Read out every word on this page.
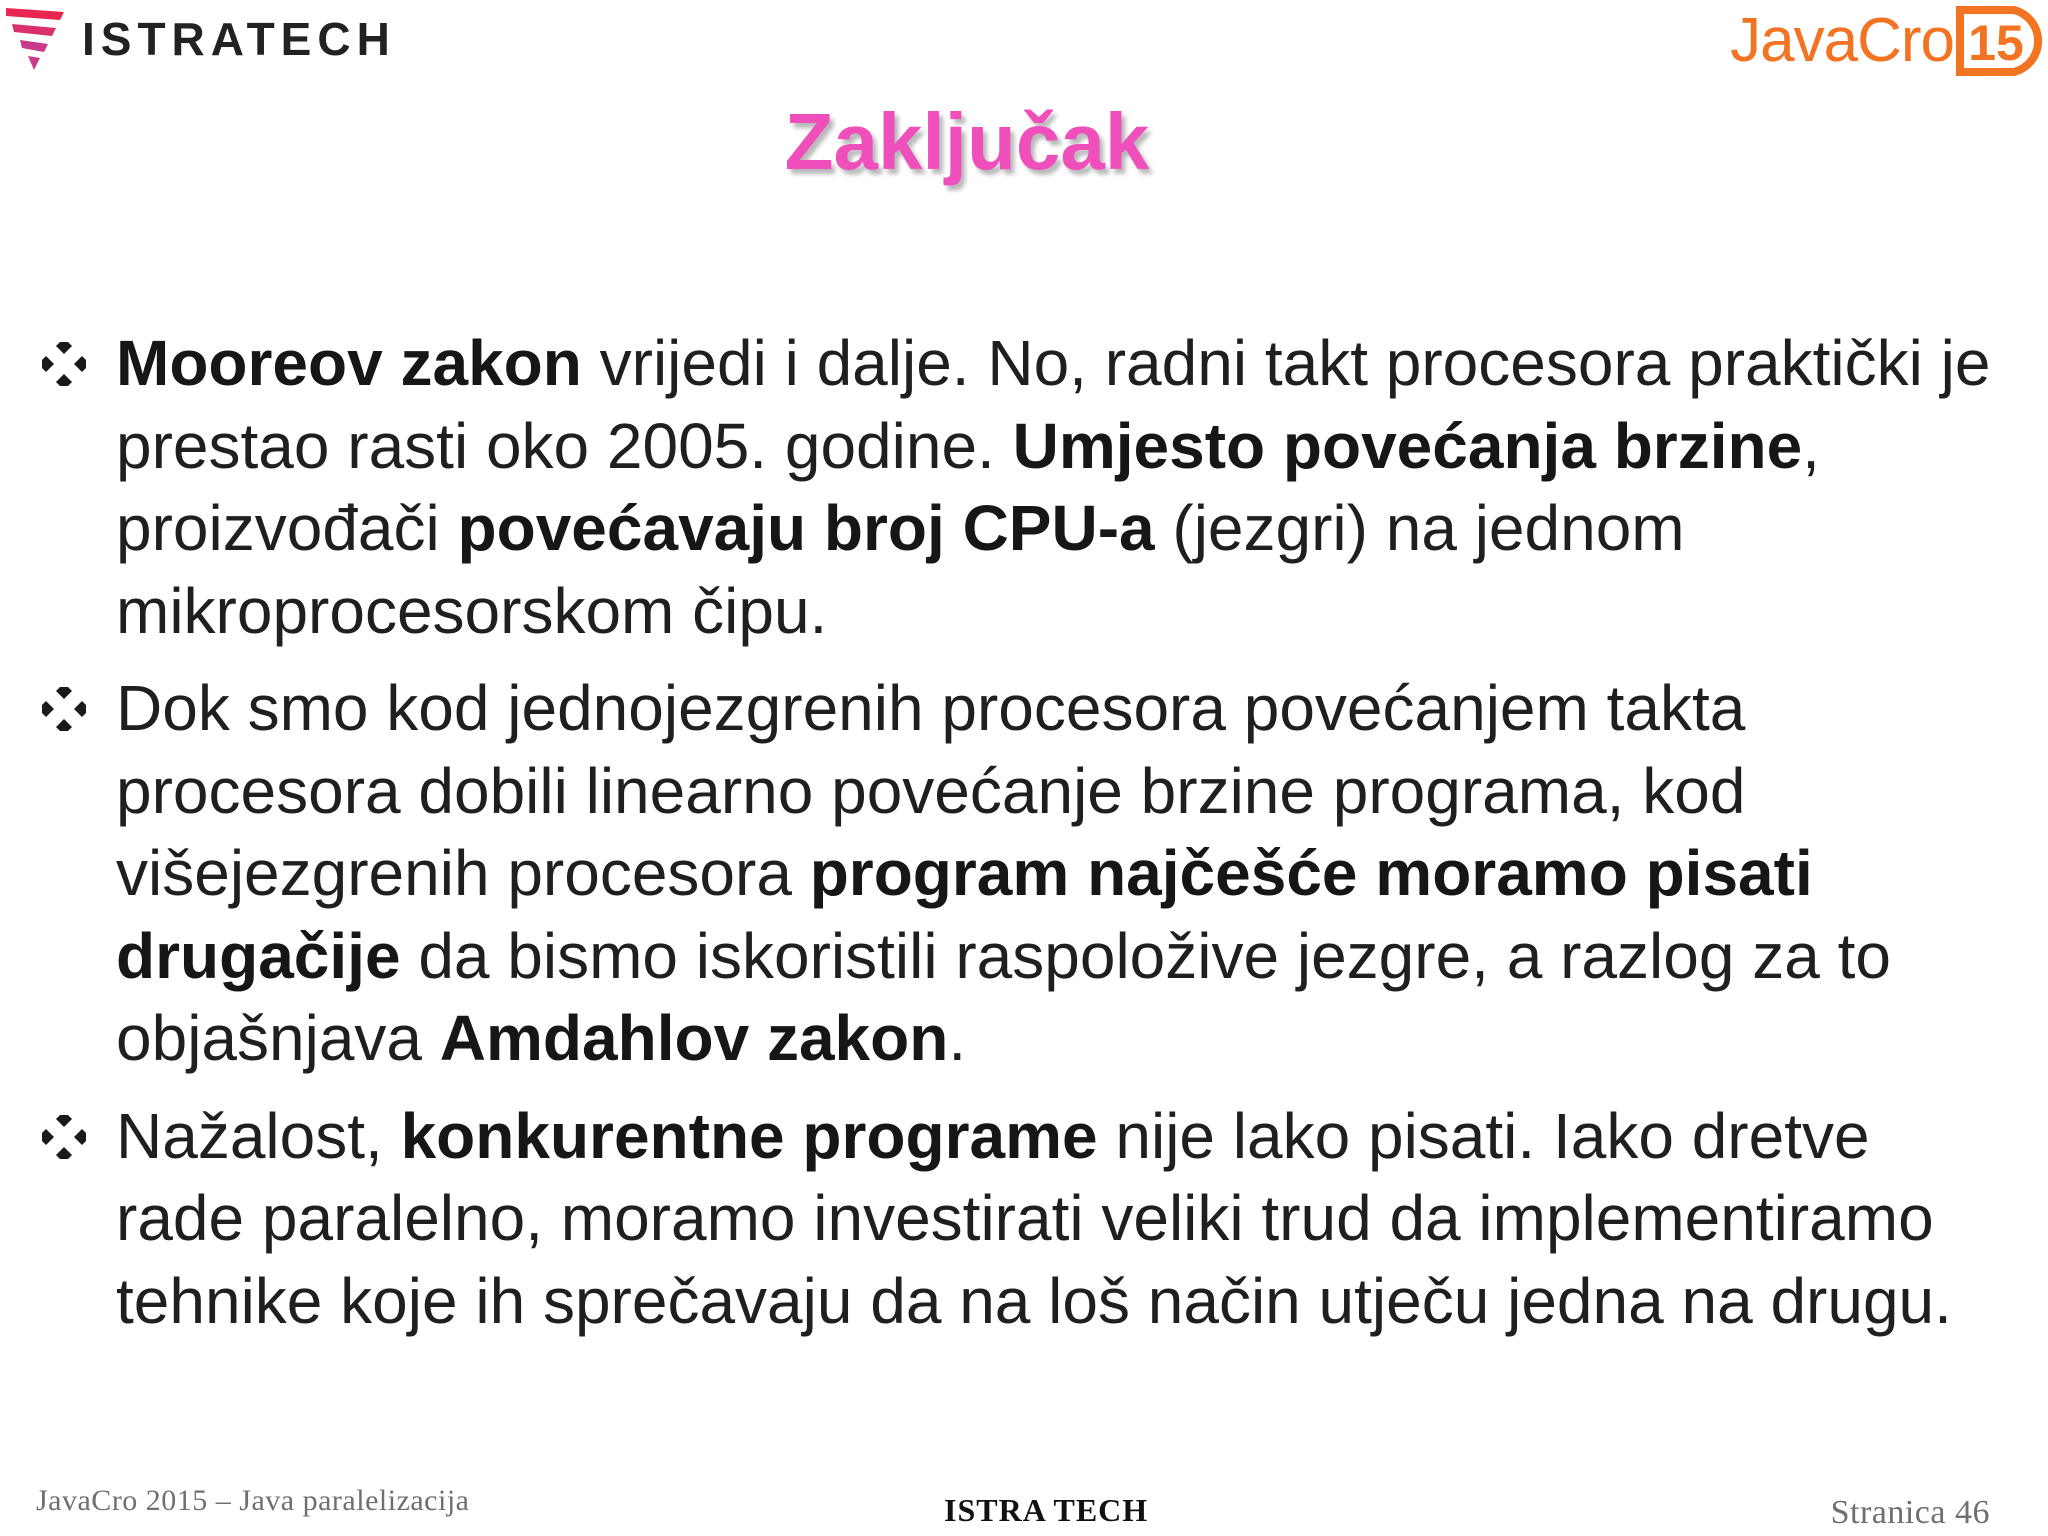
ISTRATECH	JavaCro 15
Zaključak
Mooreov zakon vrijedi i dalje. No, radni takt procesora praktički je prestao rasti oko 2005. godine. Umjesto povećanja brzine, proizvođači povećavaju broj CPU-a (jezgri) na jednom mikroprocesorskom čipu.
Dok smo kod jednojezgrenih procesora povećanjem takta procesora dobili linearno povećanje brzine programa, kod višejezgrenih procesora program najčešće moramo pisati drugačije da bismo iskoristili raspoložive jezgre, a razlog za to objašnjava Amdahlov zakon.
Nažalost, konkurentne programe nije lako pisati. Iako dretve rade paralelno, moramo investirati veliki trud da implementiramo tehnike koje ih sprečavaju da na loš način utječu jedna na drugu.
JavaCro 2015 – Java paralelizacija	ISTRA TECH	Stranica 46
